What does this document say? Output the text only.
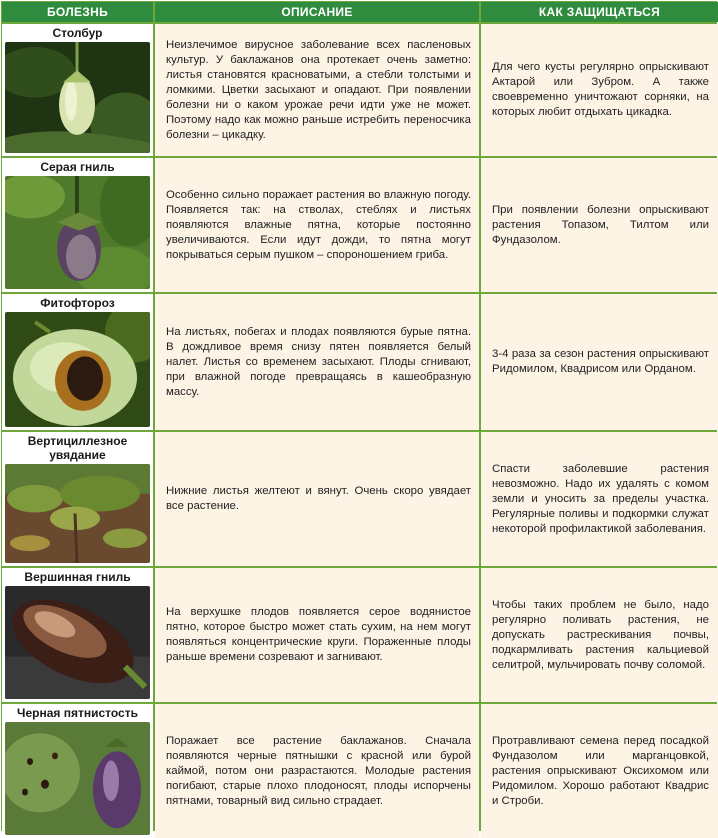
БОЛЕЗНЬ	ОПИСАНИЕ	КАК ЗАЩИЩАТЬСЯ
Столбур
Неизлечимое вирусное заболевание всех пасленовых культур. У баклажанов она протекает очень заметно: листья становятся красноватыми, а стебли толстыми и ломкими. Цветки засыхают и опадают. При появлении болезни ни о каком урожае речи идти уже не может. Поэтому надо как можно раньше истребить переносчика болезни – цикадку.
Для чего кусты регулярно опрыскивают Актарой или Зубром. А также своевременно уничтожают сорняки, на которых любит отдыхать цикадка.
Серая гниль
Особенно сильно поражает растения во влажную погоду. Появляется так: на стволах, стеблях и листьях появляются влажные пятна, которые постоянно увеличиваются. Если идут дожди, то пятна могут покрываться серым пушком – спороношением гриба.
При появлении болезни опрыскивают растения Топазом, Тилтом или Фундазолом.
Фитофтороз
На листьях, побегах и плодах появляются бурые пятна. В дождливое время снизу пятен появляется белый налет. Листья со временем засыхают. Плоды сгнивают, при влажной погоде превращаясь в кашеобразную массу.
3-4 раза за сезон растения опрыскивают Ридомилом, Квадрисом или Орданом.
Вертициллезное увядание
Нижние листья желтеют и вянут. Очень скоро увядает все растение.
Спасти заболевшие растения невозможно. Надо их удалять с комом земли и уносить за пределы участка. Регулярные поливы и подкормки служат некоторой профилактикой заболевания.
Вершинная гниль
На верхушке плодов появляется серое водянистое пятно, которое быстро может стать сухим, на нем могут появляться концентрические круги. Пораженные плоды раньше времени созревают и загнивают.
Чтобы таких проблем не было, надо регулярно поливать растения, не допускать растрескивания почвы, подкармливать растения кальциевой селитрой, мульчировать почву соломой.
Черная пятнистость
Поражает все растение баклажанов. Сначала появляются черные пятнышки с красной или бурой каймой, потом они разрастаются. Молодые растения погибают, старые плохо плодоносят, плоды испорчены пятнами, товарный вид сильно страдает.
Протравливают семена перед посадкой Фундазолом или марганцовкой, растения опрыскивают Оксихомом или Ридомилом. Хорошо работают Квадрис и Строби.
